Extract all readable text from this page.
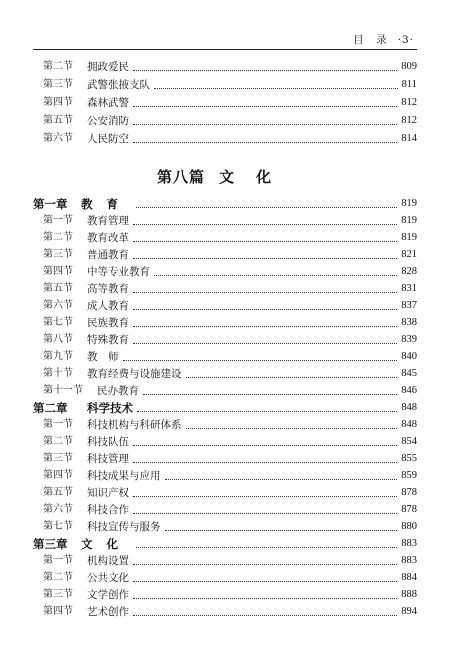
目　录 ·3·
第二节	拥政爱民	809
第三节	武警张掖支队	811
第四节	森林武警	812
第五节	公安消防	812
第六节	人民防空	814
第八篇 文化
第一章	教育	819
第一节	教育管理	819
第二节	教育改革	819
第三节	普通教育	821
第四节	中等专业教育	828
第五节	高等教育	831
第六节	成人教育	837
第七节	民族教育	838
第八节	特殊教育	839
第九节	教　师	840
第十节	教育经费与设施建设	845
第十一节	民办教育	846
第二章	科学技术	848
第一节	科技机构与科研体系	848
第二节	科技队伍	854
第三节	科技管理	855
第四节	科技成果与应用	859
第五节	知识产权	878
第六节	科技合作	878
第七节	科技宣传与服务	880
第三章	文化	883
第一节	机构设置	883
第二节	公共文化	884
第三节	文学创作	888
第四节	艺术创作	894
